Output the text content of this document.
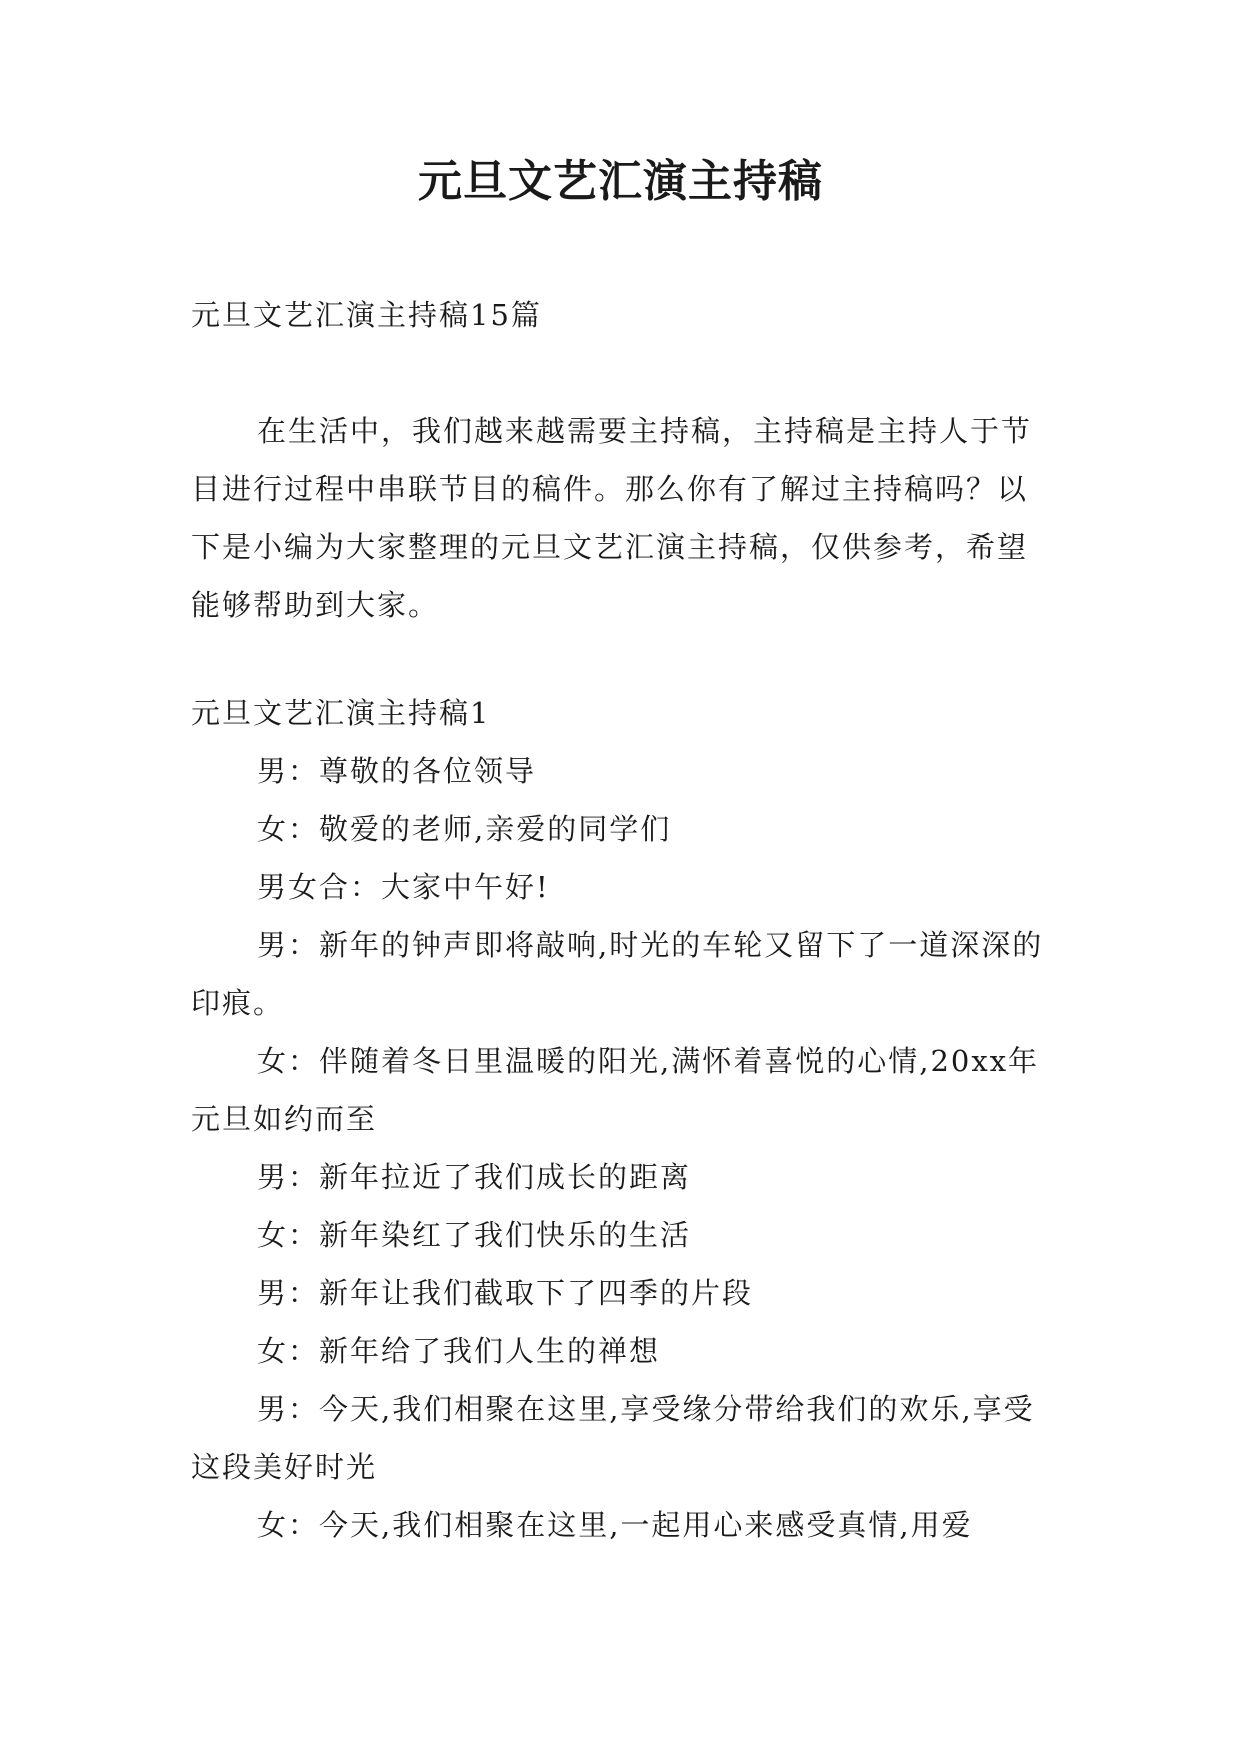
元旦文艺汇演主持稿

元旦文艺汇演主持稿15篇

在生活中，我们越来越需要主持稿，主持稿是主持人于节目进行过程中串联节目的稿件。那么你有了解过主持稿吗？以下是小编为大家整理的元旦文艺汇演主持稿，仅供参考，希望能够帮助到大家。

元旦文艺汇演主持稿1

男：尊敬的各位领导

女：敬爱的老师,亲爱的同学们

男女合：大家中午好!

男：新年的钟声即将敲响,时光的车轮又留下了一道深深的印痕。

女：伴随着冬日里温暖的阳光,满怀着喜悦的心情,20xx年元旦如约而至

男：新年拉近了我们成长的距离

女：新年染红了我们快乐的生活

男：新年让我们截取下了四季的片段

女：新年给了我们人生的禅想

男：今天,我们相聚在这里,享受缘分带给我们的欢乐,享受这段美好时光

女：今天,我们相聚在这里,一起用心来感受真情,用爱
